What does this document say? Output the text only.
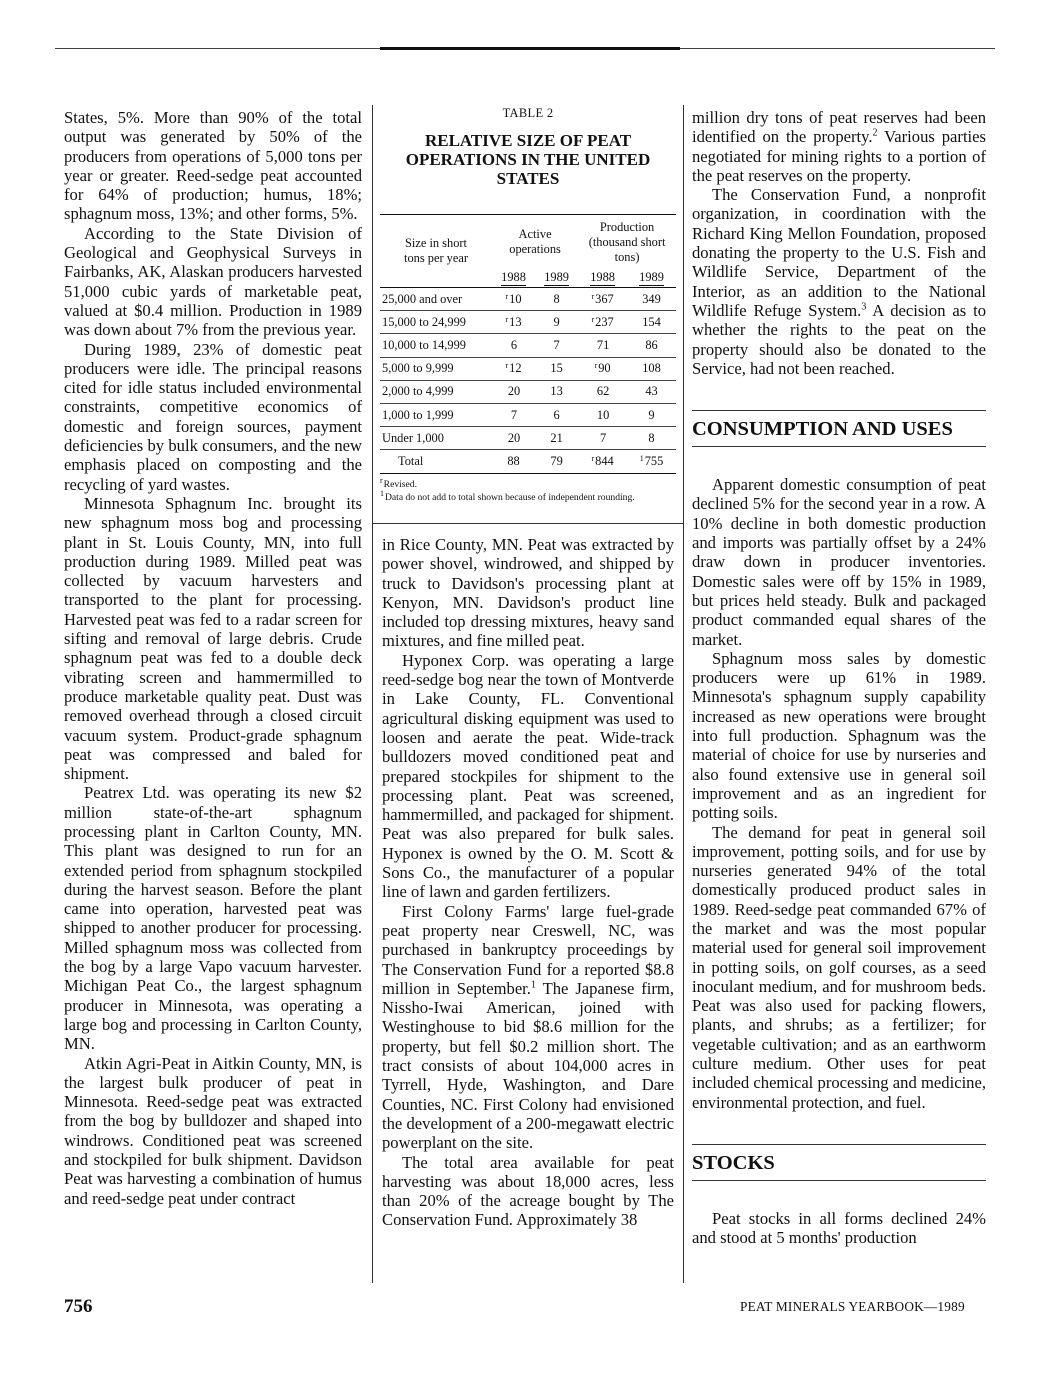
States, 5%. More than 90% of the total output was generated by 50% of the producers from operations of 5,000 tons per year or greater. Reed-sedge peat accounted for 64% of production; humus, 18%; sphagnum moss, 13%; and other forms, 5%.

According to the State Division of Geological and Geophysical Surveys in Fairbanks, AK, Alaskan producers harvested 51,000 cubic yards of marketable peat, valued at $0.4 million. Production in 1989 was down about 7% from the previous year.

During 1989, 23% of domestic peat producers were idle. The principal reasons cited for idle status included environmental constraints, competitive economics of domestic and foreign sources, payment deficiencies by bulk consumers, and the new emphasis placed on composting and the recycling of yard wastes.

Minnesota Sphagnum Inc. brought its new sphagnum moss bog and processing plant in St. Louis County, MN, into full production during 1989. Milled peat was collected by vacuum harvesters and transported to the plant for processing. Harvested peat was fed to a radar screen for sifting and removal of large debris. Crude sphagnum peat was fed to a double deck vibrating screen and hammermilled to produce marketable quality peat. Dust was removed overhead through a closed circuit vacuum system. Product-grade sphagnum peat was compressed and baled for shipment.

Peatrex Ltd. was operating its new $2 million state-of-the-art sphagnum processing plant in Carlton County, MN. This plant was designed to run for an extended period from sphagnum stockpiled during the harvest season. Before the plant came into operation, harvested peat was shipped to another producer for processing. Milled sphagnum moss was collected from the bog by a large Vapo vacuum harvester. Michigan Peat Co., the largest sphagnum producer in Minnesota, was operating a large bog and processing in Carlton County, MN.

Atkin Agri-Peat in Aitkin County, MN, is the largest bulk producer of peat in Minnesota. Reed-sedge peat was extracted from the bog by bulldozer and shaped into windrows. Conditioned peat was screened and stockpiled for bulk shipment. Davidson Peat was harvesting a combination of humus and reed-sedge peat under contract

TABLE 2
RELATIVE SIZE OF PEAT OPERATIONS IN THE UNITED STATES
Size in short tons per year	Active operations		Production (thousand short tons)	

	1988	1989	1988	1989
25,000 and over	$^r$10	8	$^r$367	349
15,000 to 24,999	$^r$13	9	$^r$237	154
10,000 to 14,999	6	7	71	86
5,000 to 9,999	$^r$12	15	$^r$90	108
2,000 to 4,999	20	13	62	43
1,000 to 1,999	7	6	10	9
Under 1,000	20	21	7	8
Total	88	79	$^r$844	$^1$755
$^r$Revised.
$^1$Data do not add to total shown because of independent rounding.

in Rice County, MN. Peat was extracted by power shovel, windrowed, and shipped by truck to Davidson's processing plant at Kenyon, MN. Davidson's product line included top dressing mixtures, heavy sand mixtures, and fine milled peat.

Hyponex Corp. was operating a large reed-sedge bog near the town of Montverde in Lake County, FL. Conventional agricultural disking equipment was used to loosen and aerate the peat. Wide-track bulldozers moved conditioned peat and prepared stockpiles for shipment to the processing plant. Peat was screened, hammermilled, and packaged for shipment. Peat was also prepared for bulk sales. Hyponex is owned by the O. M. Scott & Sons Co., the manufacturer of a popular line of lawn and garden fertilizers.

First Colony Farms' large fuel-grade peat property near Creswell, NC, was purchased in bankruptcy proceedings by The Conservation Fund for a reported $8.8 million in September.$^1$ The Japanese firm, Nissho-Iwai American, joined with Westinghouse to bid $8.6 million for the property, but fell $0.2 million short. The tract consists of about 104,000 acres in Tyrrell, Hyde, Washington, and Dare Counties, NC. First Colony had envisioned the development of a 200-megawatt electric powerplant on the site.

The total area available for peat harvesting was about 18,000 acres, less than 20% of the acreage bought by The Conservation Fund. Approximately 38

million dry tons of peat reserves had been identified on the property.$^2$ Various parties negotiated for mining rights to a portion of the peat reserves on the property.

The Conservation Fund, a nonprofit organization, in coordination with the Richard King Mellon Foundation, proposed donating the property to the U.S. Fish and Wildlife Service, Department of the Interior, as an addition to the National Wildlife Refuge System.$^3$ A decision as to whether the rights to the peat on the property should also be donated to the Service, had not been reached.

CONSUMPTION AND USES

Apparent domestic consumption of peat declined 5% for the second year in a row. A 10% decline in both domestic production and imports was partially offset by a 24% draw down in producer inventories. Domestic sales were off by 15% in 1989, but prices held steady. Bulk and packaged product commanded equal shares of the market.

Sphagnum moss sales by domestic producers were up 61% in 1989. Minnesota's sphagnum supply capability increased as new operations were brought into full production. Sphagnum was the material of choice for use by nurseries and also found extensive use in general soil improvement and as an ingredient for potting soils.

The demand for peat in general soil improvement, potting soils, and for use by nurseries generated 94% of the total domestically produced product sales in 1989. Reed-sedge peat commanded 67% of the market and was the most popular material used for general soil improvement in potting soils, on golf courses, as a seed inoculant medium, and for mushroom beds. Peat was also used for packing flowers, plants, and shrubs; as a fertilizer; for vegetable cultivation; and as an earthworm culture medium. Other uses for peat included chemical processing and medicine, environmental protection, and fuel.

STOCKS

Peat stocks in all forms declined 24% and stood at 5 months' production

756	PEAT MINERALS YEARBOOK—1989
